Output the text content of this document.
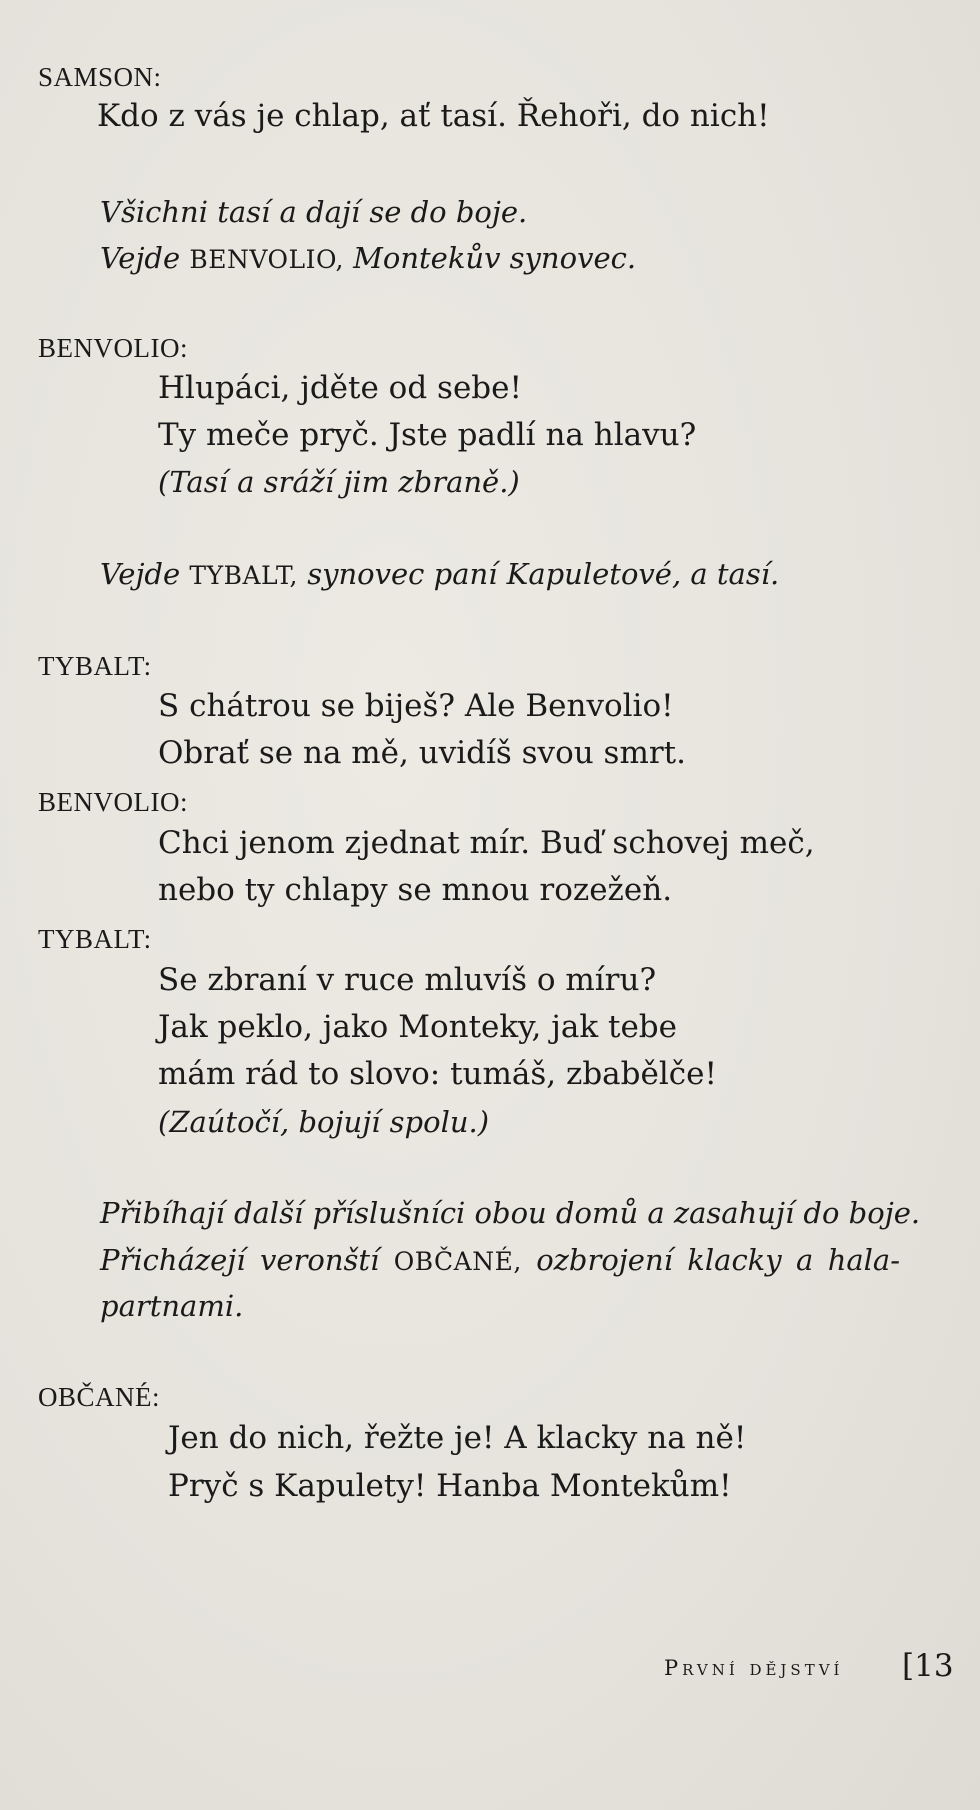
SAMSON:
Kdo z vás je chlap, ať tasí. Řehoři, do nich!
Všichni tasí a dají se do boje.
Vejde BENVOLIO, Montekův synovec.
BENVOLIO:
Hlupáci, jděte od sebe!
Ty meče pryč. Jste padlí na hlavu?
(Tasí a sráží jim zbraně.)
Vejde TYBALT, synovec paní Kapuletové, a tasí.
TYBALT:
S chátrou se biješ? Ale Benvolio!
Obrať se na mě, uvidíš svou smrt.
BENVOLIO:
Chci jenom zjednat mír. Buď schovej meč,
nebo ty chlapy se mnou rozežeň.
TYBALT:
Se zbraní v ruce mluvíš o míru?
Jak peklo, jako Monteky, jak tebe
mám rád to slovo: tumáš, zbabělče!
(Zaútočí, bojují spolu.)
Přibíhají další příslušníci obou domů a zasahují do boje.
Přicházejí veronští OBČANÉ, ozbrojení klacky a hala-
partnami.
OBČANÉ:
Jen do nich, řežte je! A klacky na ně!
Pryč s Kapulety! Hanba Montekům!
První dějství [13
